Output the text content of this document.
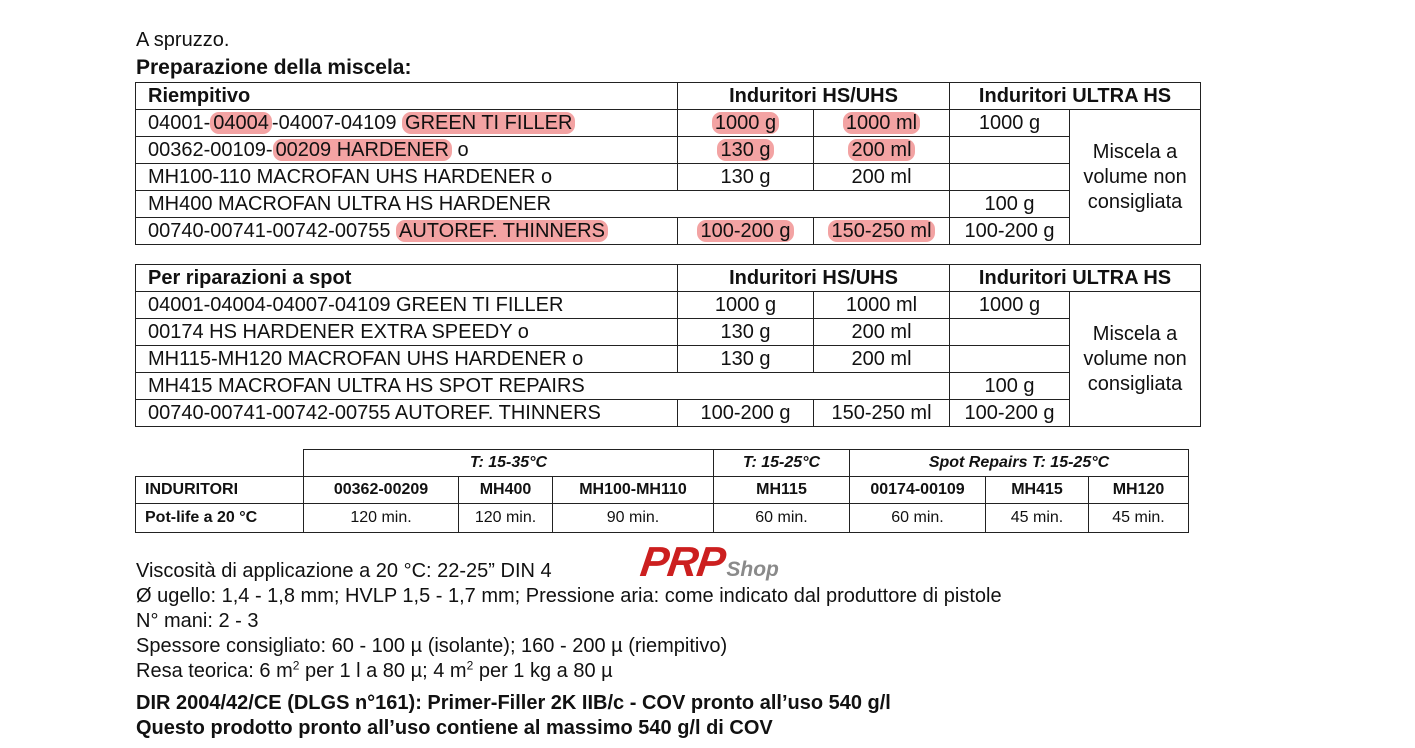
A spruzzo.
Preparazione della miscela:
Riempitivo	Induritori HS/UHS		Induritori ULTRA HS	
04001- 04004 -04007-04109 GREEN TI FILLER	1000 g	1000 ml	1000 g	Miscela a volume non consigliata
00362-00109- 00209 HARDENER o	130 g	200 ml		
MH100-110 MACROFAN UHS HARDENER o	130 g	200 ml		
MH400 MACROFAN ULTRA HS HARDENER			100 g	
00740-00741-00742-00755 AUTOREF. THINNERS	100-200 g	150-250 ml	100-200 g	
Per riparazioni a spot	Induritori HS/UHS		Induritori ULTRA HS	
04001-04004-04007-04109 GREEN TI FILLER	1000 g	1000 ml	1000 g	Miscela a volume non consigliata
00174 HS HARDENER EXTRA SPEEDY o	130 g	200 ml		
MH115-MH120 MACROFAN UHS HARDENER o	130 g	200 ml		
MH415 MACROFAN ULTRA HS SPOT REPAIRS			100 g	
00740-00741-00742-00755 AUTOREF. THINNERS	100-200 g	150-250 ml	100-200 g	
	T: 15-35°C			T: 15-25°C	Spot Repairs T: 15-25°C		
INDURITORI	00362-00209	MH400	MH100-MH110	MH115	00174-00109	MH415	MH120
Pot-life a 20 °C	120 min.	120 min.	90 min.	60 min.	60 min.	45 min.	45 min.
PRPShop
Viscosità di applicazione a 20 °C: 22-25” DIN 4
Ø ugello: 1,4 - 1,8 mm; HVLP 1,5 - 1,7 mm; Pressione aria: come indicato dal produttore di pistole
N° mani: 2 - 3
Spessore consigliato: 60 - 100 µ (isolante); 160 - 200 µ (riempitivo)
Resa teorica: 6 $m^2$ per 1 l a 80 µ; 4 $m^2$ per 1 kg a 80 µ
DIR 2004/42/CE (DLGS n°161): Primer-Filler 2K IIB/c - COV pronto all’uso 540 g/l
Questo prodotto pronto all’uso contiene al massimo 540 g/l di COV
